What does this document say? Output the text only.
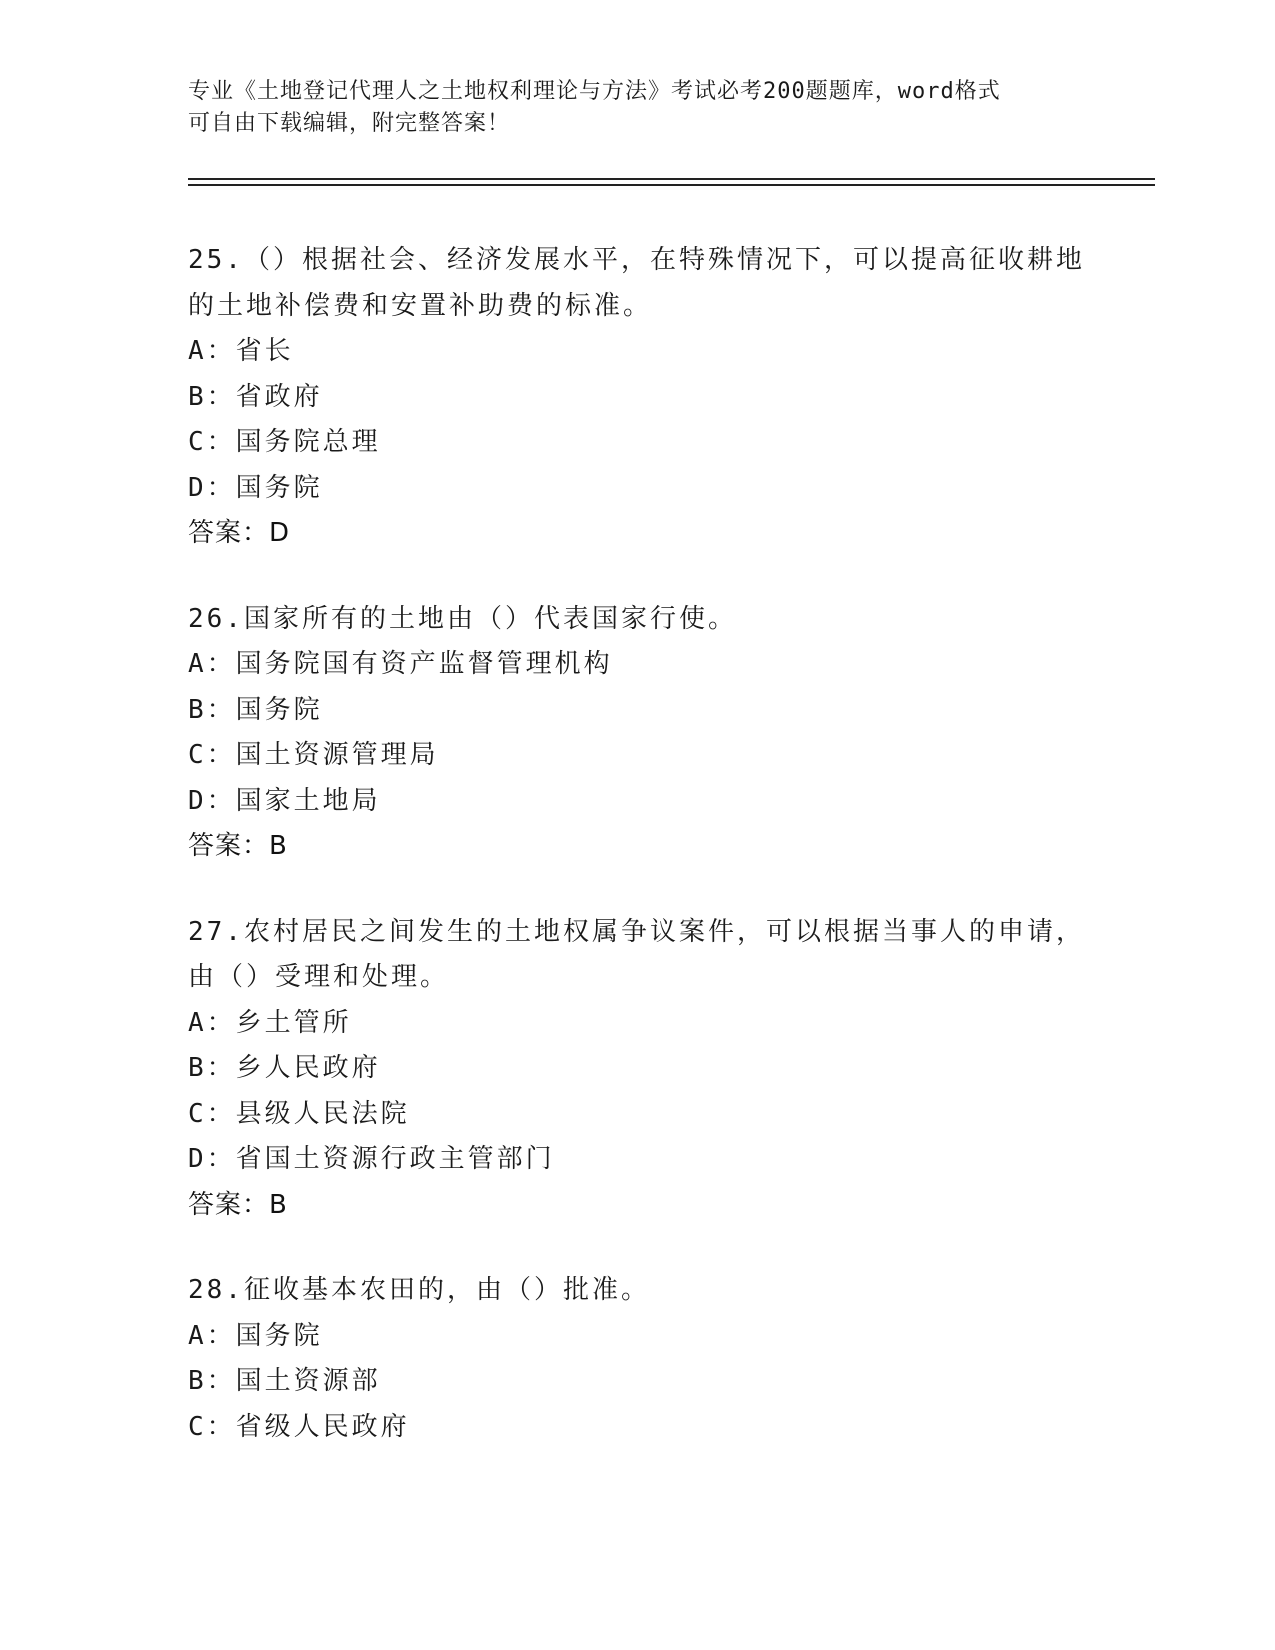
专业《土地登记代理人之土地权利理论与方法》考试必考200题题库，word格式
可自由下载编辑，附完整答案！
25.（）根据社会、经济发展水平，在特殊情况下，可以提高征收耕地
的土地补偿费和安置补助费的标准。
A：省长
B：省政府
C：国务院总理
D：国务院
答案：D
26.国家所有的土地由（）代表国家行使。
A：国务院国有资产监督管理机构
B：国务院
C：国土资源管理局
D：国家土地局
答案：B
27.农村居民之间发生的土地权属争议案件，可以根据当事人的申请，
由（）受理和处理。
A：乡土管所
B：乡人民政府
C：县级人民法院
D：省国土资源行政主管部门
答案：B
28.征收基本农田的，由（）批准。
A：国务院
B：国土资源部
C：省级人民政府
